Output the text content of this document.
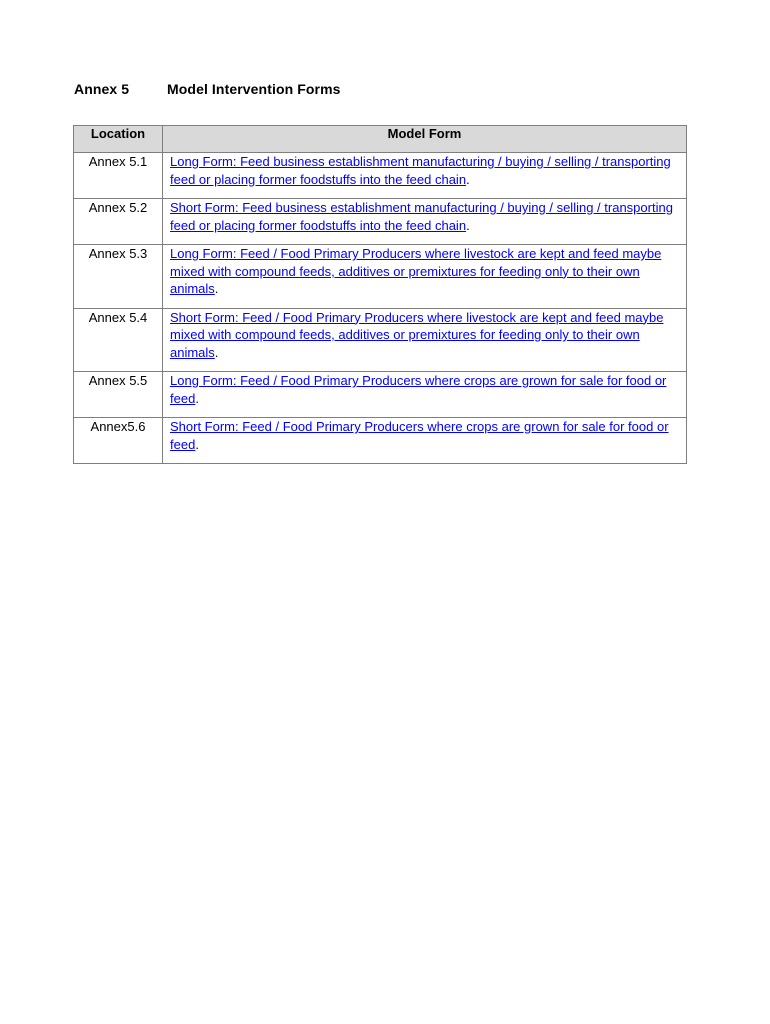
Annex 5	Model Intervention Forms
Location	Model Form
Annex 5.1	Long Form: Feed business establishment manufacturing / buying / selling / transporting feed or placing former foodstuffs into the feed chain.
Annex 5.2	Short Form: Feed business establishment manufacturing / buying / selling / transporting feed or placing former foodstuffs into the feed chain.
Annex 5.3	Long Form: Feed / Food Primary Producers where livestock are kept and feed maybe mixed with compound feeds, additives or premixtures for feeding only to their own animals.
Annex 5.4	Short Form: Feed / Food Primary Producers where livestock are kept and feed maybe mixed with compound feeds, additives or premixtures for feeding only to their own animals.
Annex 5.5	Long Form: Feed / Food Primary Producers where crops are grown for sale for food or feed.
Annex5.6	Short Form: Feed / Food Primary Producers where crops are grown for sale for food or feed.
